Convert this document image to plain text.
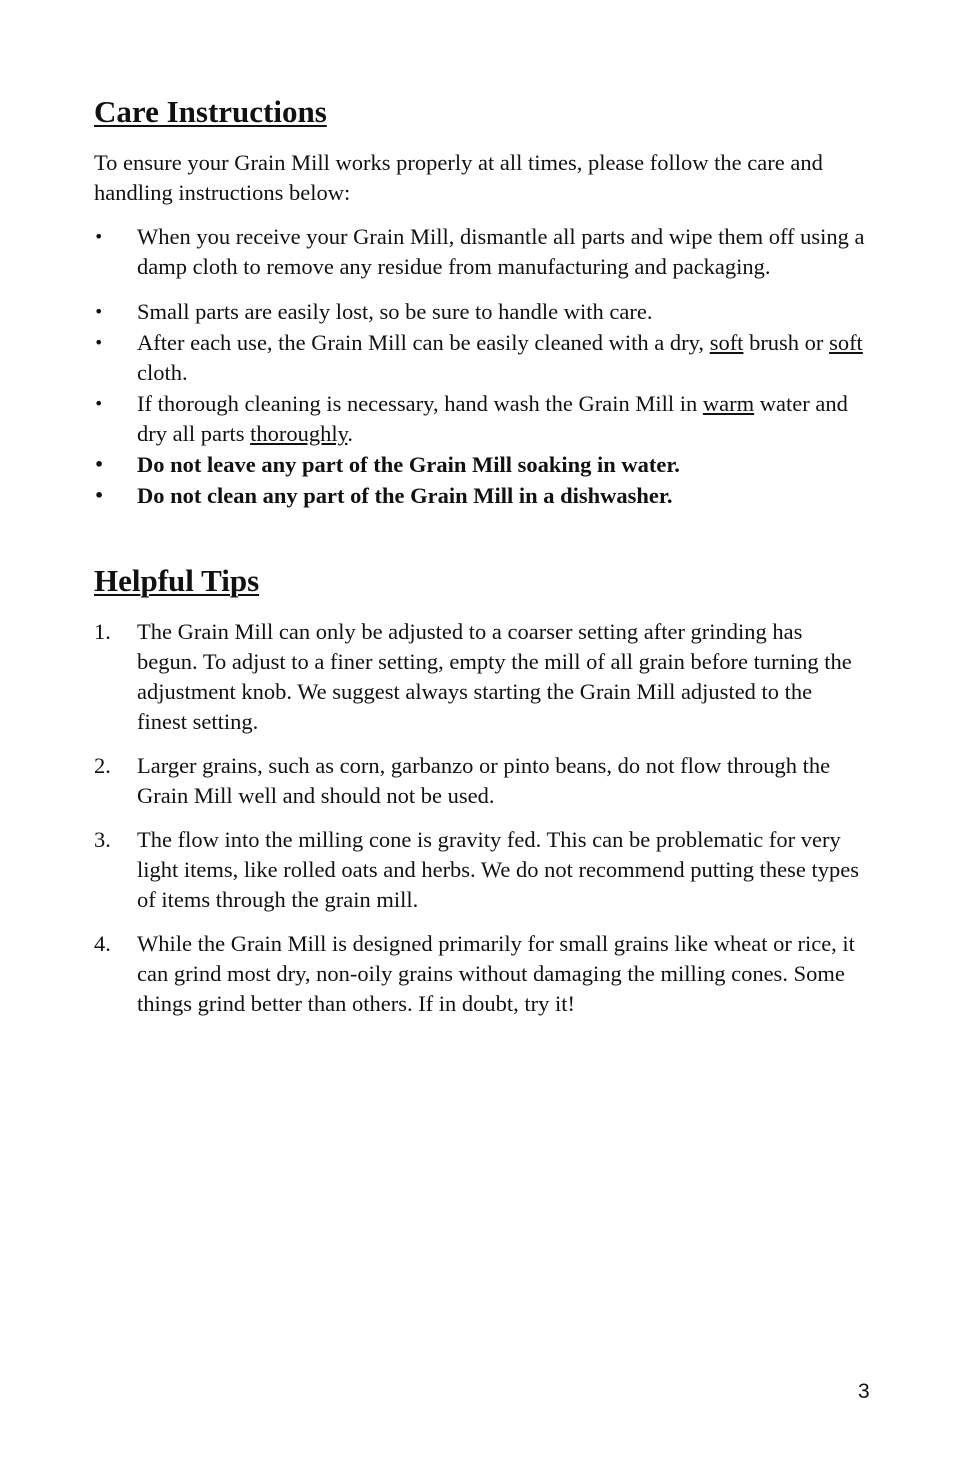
Care Instructions

To ensure your Grain Mill works properly at all times, please follow the care and handling instructions below:

•	When you receive your Grain Mill, dismantle all parts and wipe them off using a damp cloth to remove any residue from manufacturing and packaging.
•	Small parts are easily lost, so be sure to handle with care.
•	After each use, the Grain Mill can be easily cleaned with a dry, soft brush or soft cloth.
•	If thorough cleaning is necessary, hand wash the Grain Mill in warm water and dry all parts thoroughly.
•	Do not leave any part of the Grain Mill soaking in water.
•	Do not clean any part of the Grain Mill in a dishwasher.
Helpful Tips
1. The Grain Mill can only be adjusted to a coarser setting after grinding has begun. To adjust to a finer setting, empty the mill of all grain before turning the adjustment knob. We suggest always starting the Grain Mill adjusted to the finest setting.
2. Larger grains, such as corn, garbanzo or pinto beans, do not flow through the Grain Mill well and should not be used.
3. The flow into the milling cone is gravity fed. This can be problematic for very light items, like rolled oats and herbs. We do not recommend putting these types of items through the grain mill.
4. While the Grain Mill is designed primarily for small grains like wheat or rice, it can grind most dry, non-oily grains without damaging the milling cones. Some things grind better than others. If in doubt, try it!
3
